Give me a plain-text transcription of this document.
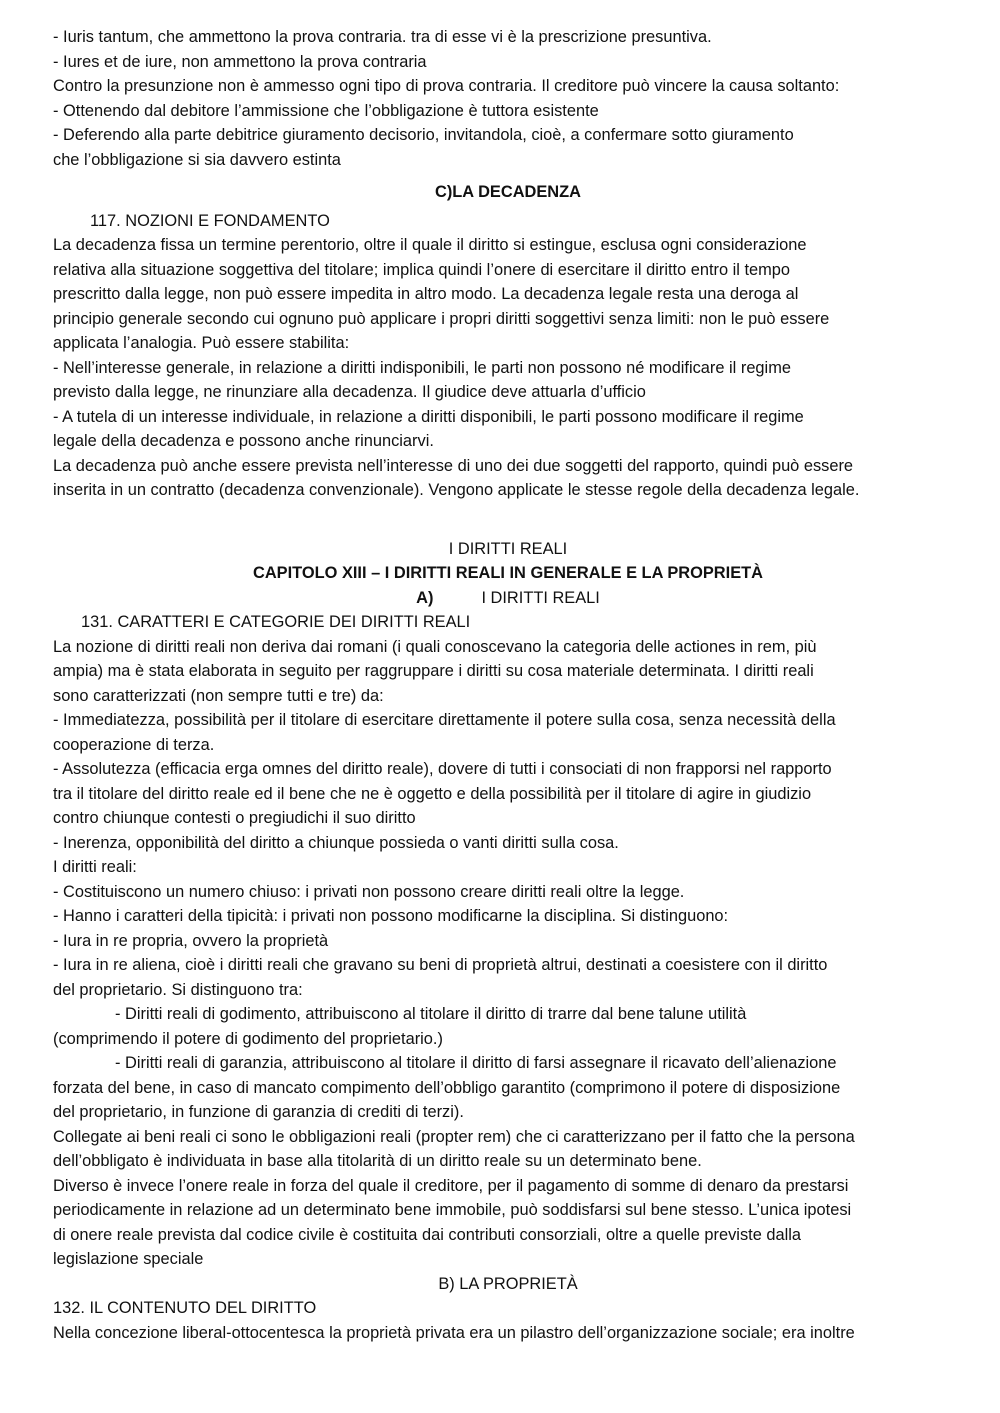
- Iuris tantum, che ammettono la prova contraria. tra di esse vi è la prescrizione presuntiva.

- Iures et de iure, non ammettono la prova contraria

Contro la presunzione non è ammesso ogni tipo di prova contraria. Il creditore può vincere la causa soltanto:

- Ottenendo dal debitore l’ammissione che l’obbligazione è tuttora esistente

- Deferendo alla parte debitrice giuramento decisorio, invitandola, cioè, a confermare sotto giuramento

che l’obbligazione si sia davvero estinta

C)LA DECADENZA

117. NOZIONI E FONDAMENTO

La decadenza fissa un termine perentorio, oltre il quale il diritto si estingue, esclusa ogni considerazione

relativa alla situazione soggettiva del titolare; implica quindi l’onere di esercitare il diritto entro il tempo

prescritto dalla legge, non può essere impedita in altro modo. La decadenza legale resta una deroga al

principio generale secondo cui ognuno può applicare i propri diritti soggettivi senza limiti: non le può essere

applicata l’analogia. Può essere stabilita:

- Nell’interesse generale, in relazione a diritti indisponibili, le parti non possono né modificare il regime

previsto dalla legge, ne rinunziare alla decadenza. Il giudice deve attuarla d’ufficio

- A tutela di un interesse individuale, in relazione a diritti disponibili, le parti possono modificare il regime

legale della decadenza e possono anche rinunciarvi.

La decadenza può anche essere prevista nell’interesse di uno dei due soggetti del rapporto, quindi può essere

inserita in un contratto (decadenza convenzionale). Vengono applicate le stesse regole della decadenza legale.

I DIRITTI REALI

CAPITOLO XIII – I DIRITTI REALI IN GENERALE E LA PROPRIETÀ

A)	I DIRITTI REALI

131. CARATTERI E CATEGORIE DEI DIRITTI REALI

La nozione di diritti reali non deriva dai romani (i quali conoscevano la categoria delle actiones in rem, più

ampia) ma è stata elaborata in seguito per raggruppare i diritti su cosa materiale determinata. I diritti reali

sono caratterizzati (non sempre tutti e tre) da:

- Immediatezza, possibilità per il titolare di esercitare direttamente il potere sulla cosa, senza necessità della

cooperazione di terza.

- Assolutezza (efficacia erga omnes del diritto reale), dovere di tutti i consociati di non frapporsi nel rapporto

tra il titolare del diritto reale ed il bene che ne è oggetto e della possibilità per il titolare di agire in giudizio

contro chiunque contesti o pregiudichi il suo diritto

- Inerenza, opponibilità del diritto a chiunque possieda o vanti diritti sulla cosa.

I diritti reali:

- Costituiscono un numero chiuso: i privati non possono creare diritti reali oltre la legge.

- Hanno i caratteri della tipicità: i privati non possono modificarne la disciplina. Si distinguono:

- Iura in re propria, ovvero la proprietà

- Iura in re aliena, cioè i diritti reali che gravano su beni di proprietà altrui, destinati a coesistere con il diritto

del proprietario. Si distinguono tra:

- Diritti reali di godimento, attribuiscono al titolare il diritto di trarre dal bene talune utilità

(comprimendo il potere di godimento del proprietario.)

- Diritti reali di garanzia, attribuiscono al titolare il diritto di farsi assegnare il ricavato dell’alienazione

forzata del bene, in caso di mancato compimento dell’obbligo garantito (comprimono il potere di disposizione

del proprietario, in funzione di garanzia di crediti di terzi).

Collegate ai beni reali ci sono le obbligazioni reali (propter rem) che ci caratterizzano per il fatto che la persona

dell’obbligato è individuata in base alla titolarità di un diritto reale su un determinato bene.

Diverso è invece l’onere reale in forza del quale il creditore, per il pagamento di somme di denaro da prestarsi

periodicamente in relazione ad un determinato bene immobile, può soddisfarsi sul bene stesso. L’unica ipotesi

di onere reale prevista dal codice civile è costituita dai contributi consorziali, oltre a quelle previste dalla

legislazione speciale

B) LA PROPRIETÀ

132. IL CONTENUTO DEL DIRITTO

Nella concezione liberal-ottocentesca la proprietà privata era un pilastro dell’organizzazione sociale; era inoltre
